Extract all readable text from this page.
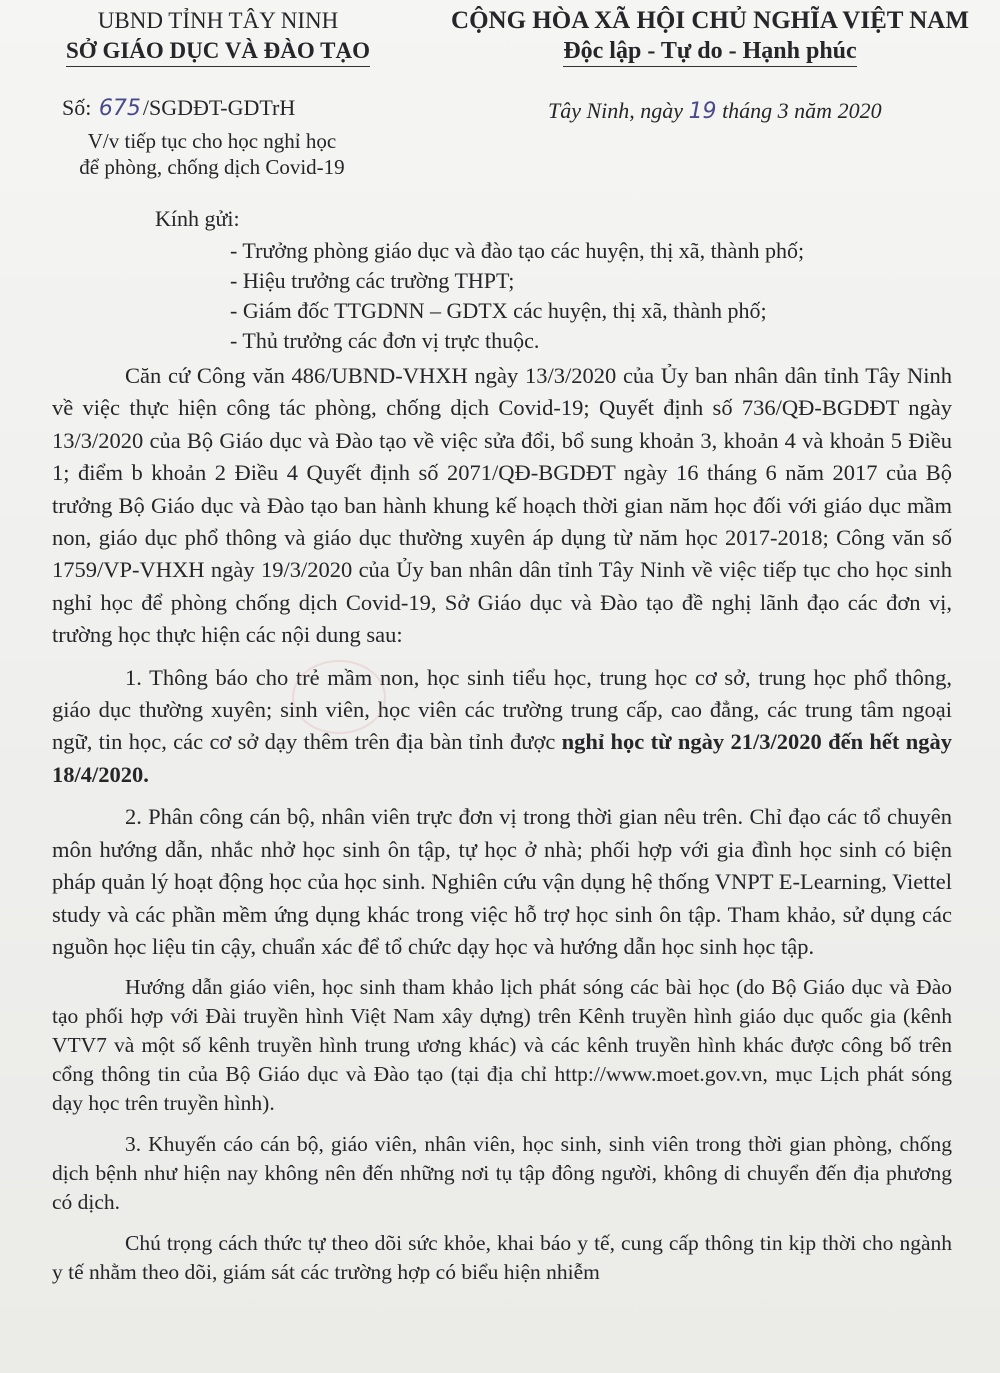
UBND TỈNH TÂY NINH
SỞ GIÁO DỤC VÀ ĐÀO TẠO
CỘNG HÒA XÃ HỘI CHỦ NGHĨA VIỆT NAM
Độc lập - Tự do - Hạnh phúc
Số: 675/SGDĐT-GDTrH
V/v tiếp tục cho học nghỉ học
để phòng, chống dịch Covid-19
Tây Ninh, ngày 19 tháng 3 năm 2020
Kính gửi:
- Trưởng phòng giáo dục và đào tạo các huyện, thị xã, thành phố;
- Hiệu trưởng các trường THPT;
- Giám đốc TTGDNN – GDTX các huyện, thị xã, thành phố;
- Thủ trưởng các đơn vị trực thuộc.

Căn cứ Công văn 486/UBND-VHXH ngày 13/3/2020 của Ủy ban nhân dân tỉnh Tây Ninh về việc thực hiện công tác phòng, chống dịch Covid-19; Quyết định số 736/QĐ-BGDĐT ngày 13/3/2020 của Bộ Giáo dục và Đào tạo về việc sửa đổi, bổ sung khoản 3, khoản 4 và khoản 5 Điều 1; điểm b khoản 2 Điều 4 Quyết định số 2071/QĐ-BGDĐT ngày 16 tháng 6 năm 2017 của Bộ trưởng Bộ Giáo dục và Đào tạo ban hành khung kế hoạch thời gian năm học đối với giáo dục mầm non, giáo dục phổ thông và giáo dục thường xuyên áp dụng từ năm học 2017-2018; Công văn số 1759/VP-VHXH ngày 19/3/2020 của Ủy ban nhân dân tỉnh Tây Ninh về việc tiếp tục cho học sinh nghỉ học để phòng chống dịch Covid-19, Sở Giáo dục và Đào tạo đề nghị lãnh đạo các đơn vị, trường học thực hiện các nội dung sau:

1. Thông báo cho trẻ mầm non, học sinh tiểu học, trung học cơ sở, trung học phổ thông, giáo dục thường xuyên; sinh viên, học viên các trường trung cấp, cao đẳng, các trung tâm ngoại ngữ, tin học, các cơ sở dạy thêm trên địa bàn tỉnh được nghỉ học từ ngày 21/3/2020 đến hết ngày 18/4/2020.

2. Phân công cán bộ, nhân viên trực đơn vị trong thời gian nêu trên. Chỉ đạo các tổ chuyên môn hướng dẫn, nhắc nhở học sinh ôn tập, tự học ở nhà; phối hợp với gia đình học sinh có biện pháp quản lý hoạt động học của học sinh. Nghiên cứu vận dụng hệ thống VNPT E-Learning, Viettel study và các phần mềm ứng dụng khác trong việc hỗ trợ học sinh ôn tập. Tham khảo, sử dụng các nguồn học liệu tin cậy, chuẩn xác để tổ chức dạy học và hướng dẫn học sinh học tập.

Hướng dẫn giáo viên, học sinh tham khảo lịch phát sóng các bài học (do Bộ Giáo dục và Đào tạo phối hợp với Đài truyền hình Việt Nam xây dựng) trên Kênh truyền hình giáo dục quốc gia (kênh VTV7 và một số kênh truyền hình trung ương khác) và các kênh truyền hình khác được công bố trên cổng thông tin của Bộ Giáo dục và Đào tạo (tại địa chỉ http://www.moet.gov.vn, mục Lịch phát sóng dạy học trên truyền hình).

3. Khuyến cáo cán bộ, giáo viên, nhân viên, học sinh, sinh viên trong thời gian phòng, chống dịch bệnh như hiện nay không nên đến những nơi tụ tập đông người, không di chuyển đến địa phương có dịch.

Chú trọng cách thức tự theo dõi sức khỏe, khai báo y tế, cung cấp thông tin kịp thời cho ngành y tế nhằm theo dõi, giám sát các trường hợp có biểu hiện nhiễm
